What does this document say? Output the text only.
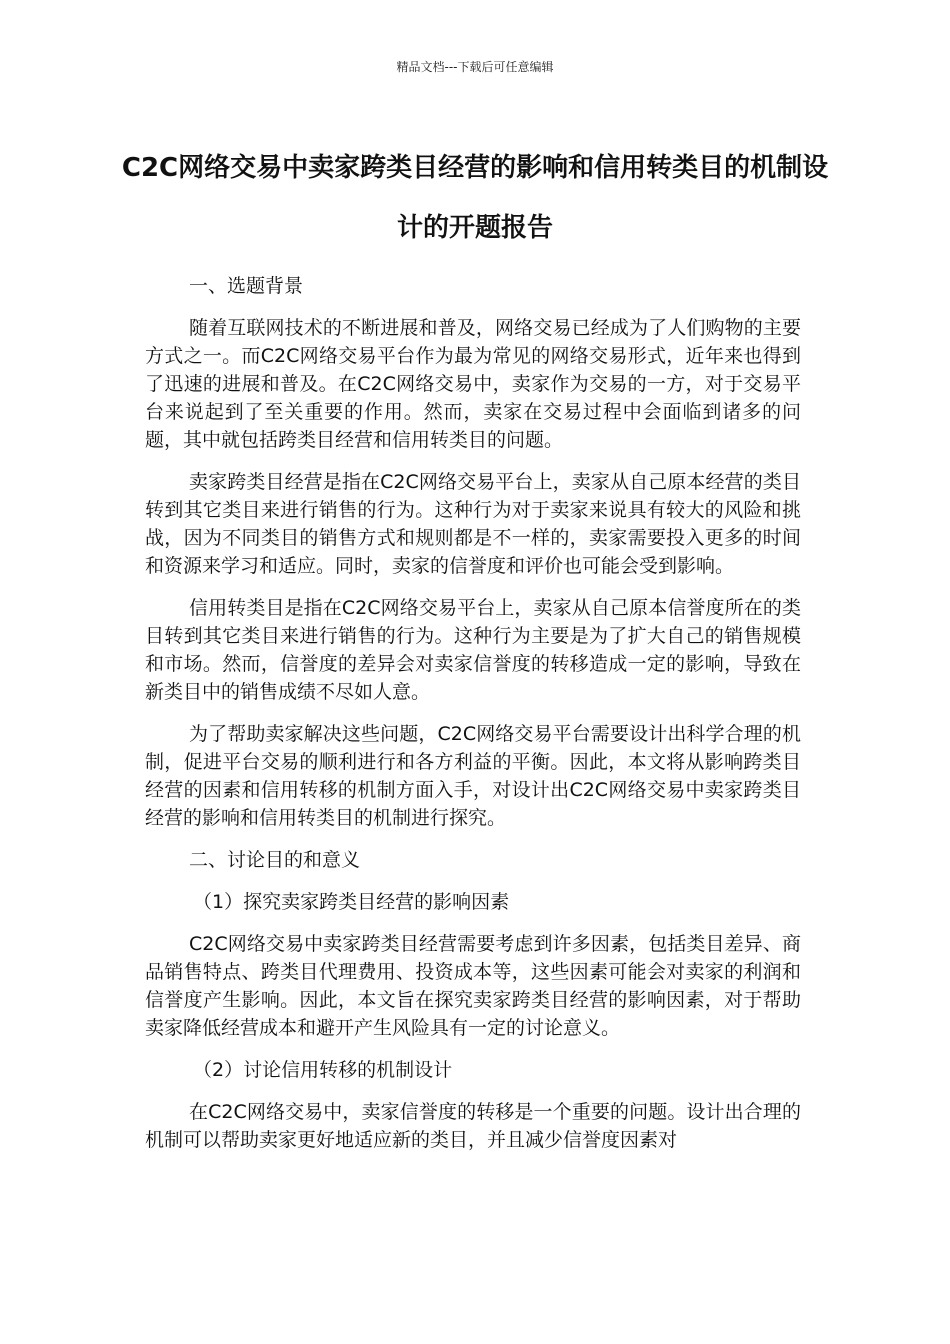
精品文档---下载后可任意编辑
C2C网络交易中卖家跨类目经营的影响和信用转类目的机制设计的开题报告

一、选题背景

随着互联网技术的不断进展和普及，网络交易已经成为了人们购物的主要方式之一。而C2C网络交易平台作为最为常见的网络交易形式，近年来也得到了迅速的进展和普及。在C2C网络交易中，卖家作为交易的一方，对于交易平台来说起到了至关重要的作用。然而，卖家在交易过程中会面临到诸多的问题，其中就包括跨类目经营和信用转类目的问题。

卖家跨类目经营是指在C2C网络交易平台上，卖家从自己原本经营的类目转到其它类目来进行销售的行为。这种行为对于卖家来说具有较大的风险和挑战，因为不同类目的销售方式和规则都是不一样的，卖家需要投入更多的时间和资源来学习和适应。同时，卖家的信誉度和评价也可能会受到影响。

信用转类目是指在C2C网络交易平台上，卖家从自己原本信誉度所在的类目转到其它类目来进行销售的行为。这种行为主要是为了扩大自己的销售规模和市场。然而，信誉度的差异会对卖家信誉度的转移造成一定的影响，导致在新类目中的销售成绩不尽如人意。

为了帮助卖家解决这些问题，C2C网络交易平台需要设计出科学合理的机制，促进平台交易的顺利进行和各方利益的平衡。因此，本文将从影响跨类目经营的因素和信用转移的机制方面入手，对设计出C2C网络交易中卖家跨类目经营的影响和信用转类目的机制进行探究。

二、讨论目的和意义

（1）探究卖家跨类目经营的影响因素

C2C网络交易中卖家跨类目经营需要考虑到许多因素，包括类目差异、商品销售特点、跨类目代理费用、投资成本等，这些因素可能会对卖家的利润和信誉度产生影响。因此，本文旨在探究卖家跨类目经营的影响因素，对于帮助卖家降低经营成本和避开产生风险具有一定的讨论意义。

（2）讨论信用转移的机制设计

在C2C网络交易中，卖家信誉度的转移是一个重要的问题。设计出合理的机制可以帮助卖家更好地适应新的类目，并且减少信誉度因素对
